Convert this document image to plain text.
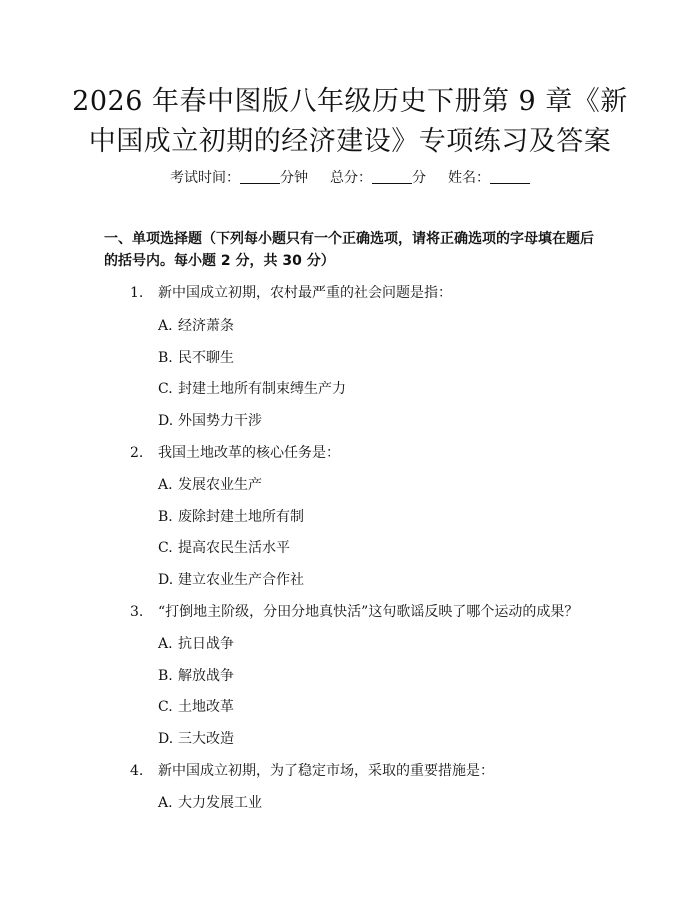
2026 年春中图版八年级历史下册第 9 章《新
中国成立初期的经济建设》专项练习及答案
考试时间：	分钟 总分：	分 姓名：
一、单项选择题（下列每小题只有一个正确选项，请将正确选项的字母填在题后
的括号内。每小题 2 分，共 30 分）
1. 新中国成立初期，农村最严重的社会问题是指：
A. 经济萧条
B. 民不聊生
C. 封建土地所有制束缚生产力
D. 外国势力干涉
2. 我国土地改革的核心任务是：
A. 发展农业生产
B. 废除封建土地所有制
C. 提高农民生活水平
D. 建立农业生产合作社
3. “打倒地主阶级，分田分地真快活”这句歌谣反映了哪个运动的成果？
A. 抗日战争
B. 解放战争
C. 土地改革
D. 三大改造
4. 新中国成立初期，为了稳定市场，采取的重要措施是：
A. 大力发展工业
